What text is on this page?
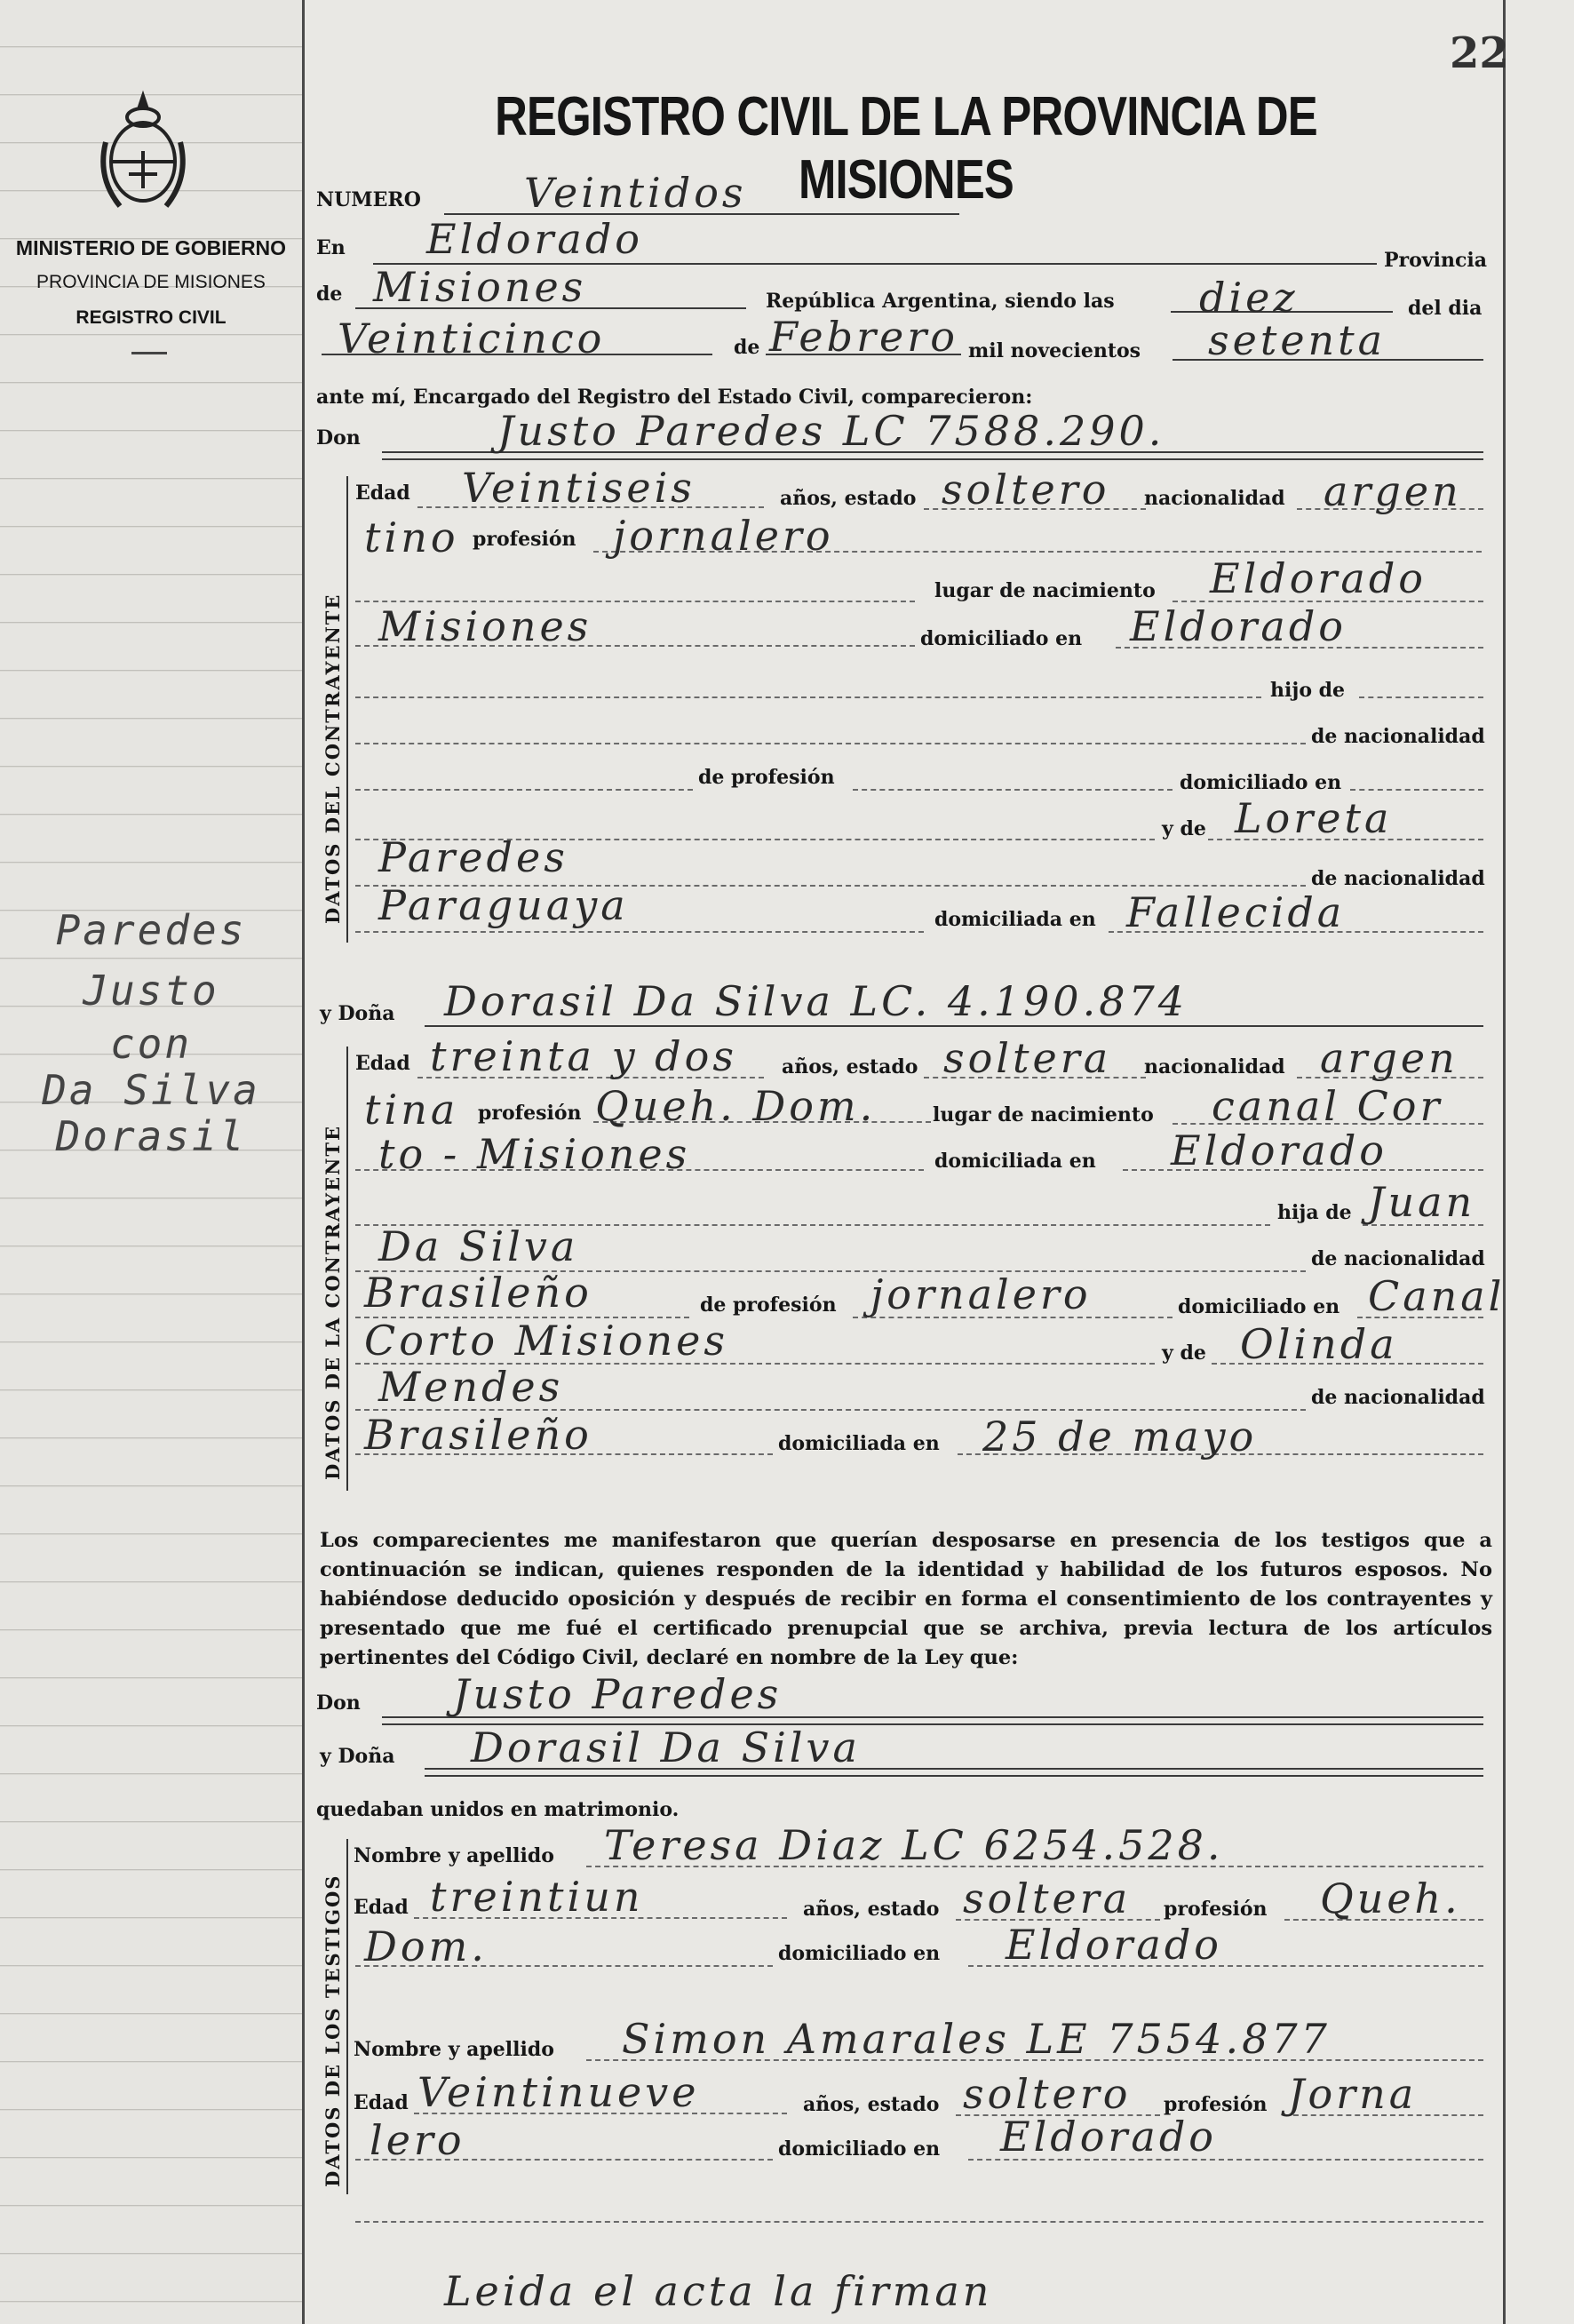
MINISTERIO DE GOBIERNO
PROVINCIA DE MISIONES
REGISTRO CIVIL
Paredes
Justo
con
Da Silva
Dorasil
22
REGISTRO CIVIL DE LA PROVINCIA DE MISIONES
NUMERO	Veintidos
En Eldorado	Provincia
de Misiones	República Argentina, siendo las diez	del dia
Veinticinco	de Febrero mil novecientos setenta
ante mí, Encargado del Registro del Estado Civil, comparecieron:
Don	Justo Paredes LC 7588.290.
DATOS DEL CONTRAYENTE
Edad Veintiseis	años, estado soltero nacionalidad argen
tino profesión jornalero
lugar de nacimiento Eldorado
Misiones	domiciliado en Eldorado
hijo de
de nacionalidad
de profesión	domiciliado en
y de Loreta
Paredes	de nacionalidad
Paraguaya	domiciliada en Fallecida
y Doña Dorasil Da Silva LC. 4.190.874
DATOS DE LA CONTRAYENTE
Edad treinta y dos años, estado soltera nacionalidad argen
tina profesión Queh. Dom.	lugar de nacimiento canal Cor
to - Misiones	domiciliada en Eldorado
hija de Juan
Da Silva	de nacionalidad
Brasileño	de profesión jornalero	domiciliado en Canal
Corto Misiones	y de Olinda
Mendes	de nacionalidad
Brasileño	domiciliada en 25 de mayo
Los comparecientes me manifestaron que querían desposarse en presencia de los testigos que a continuación se indican, quienes responden de la identidad y habilidad de los futuros esposos. No habiéndose deducido oposición y después de recibir en forma el consentimiento de los contrayentes y presentado que me fué el certificado prenupcial que se archiva, previa lectura de los artículos pertinentes del Código Civil, declaré en nombre de la Ley que:
Don Justo Paredes
y Doña Dorasil Da Silva
quedaban unidos en matrimonio.
DATOS DE LOS TESTIGOS
Nombre y apellido Teresa Diaz LC 6254.528.
Edad treintiun	años, estado soltera profesión Queh.
Dom.	domiciliado en Eldorado
Nombre y apellido Simon Amarales LE 7554.877
Edad Veintinueve	años, estado soltero profesión Jorna
lero	domiciliado en Eldorado
Leida el acta la firman
